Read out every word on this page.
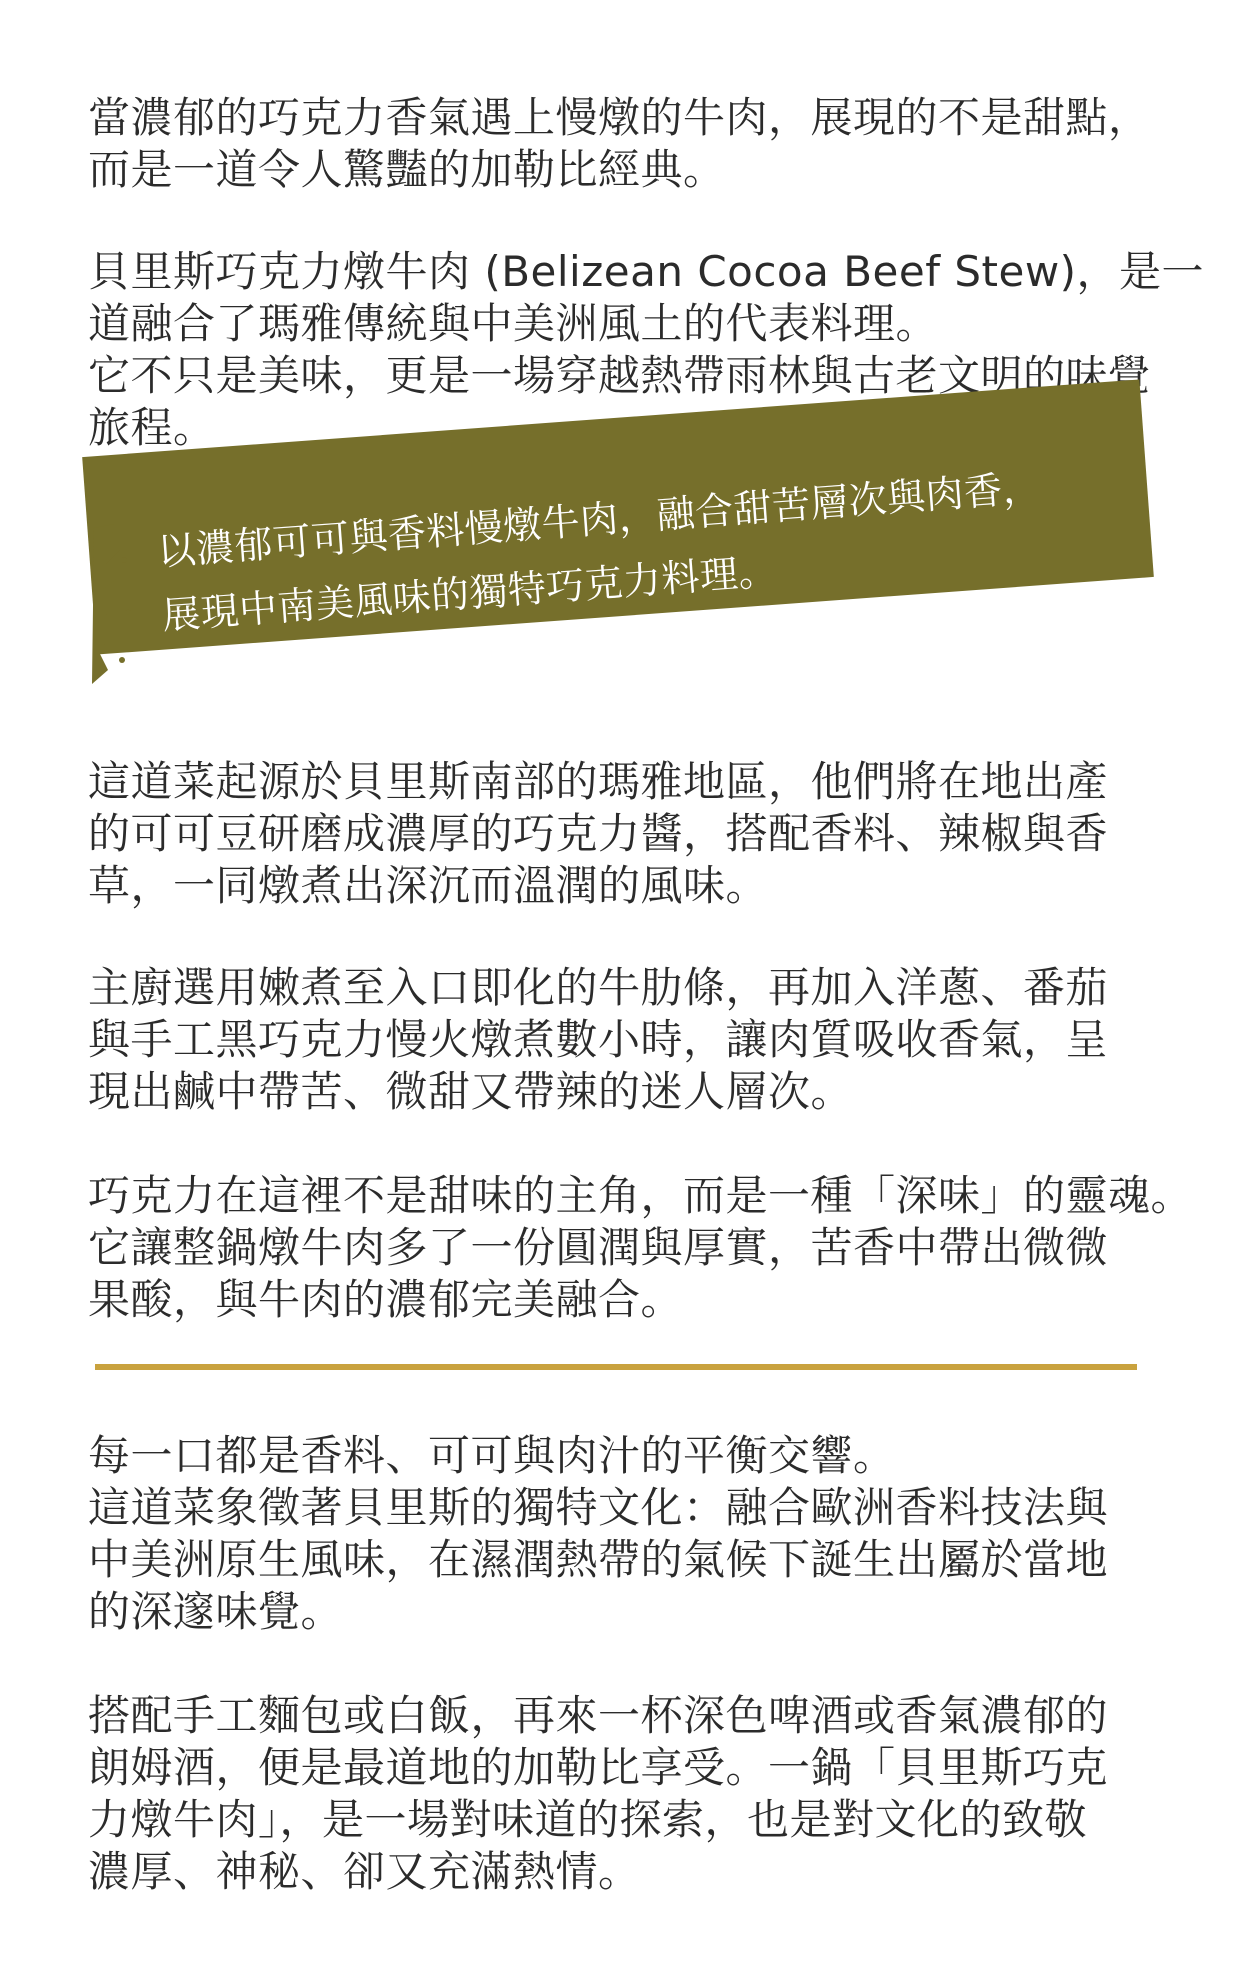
當濃郁的巧克力香氣遇上慢燉的牛肉，展現的不是甜點，
而是一道令人驚豔的加勒比經典。
貝里斯巧克力燉牛肉 (Belizean Cocoa Beef Stew)，是一
道融合了瑪雅傳統與中美洲風土的代表料理。
它不只是美味，更是一場穿越熱帶雨林與古老文明的味覺
旅程。
以濃郁可可與香料慢燉牛肉，融合甜苦層次與肉香，
展現中南美風味的獨特巧克力料理。
這道菜起源於貝里斯南部的瑪雅地區，他們將在地出產
的可可豆研磨成濃厚的巧克力醬，搭配香料、辣椒與香
草，一同燉煮出深沉而溫潤的風味。
主廚選用嫩煮至入口即化的牛肋條，再加入洋蔥、番茄
與手工黑巧克力慢火燉煮數小時，讓肉質吸收香氣，呈
現出鹹中帶苦、微甜又帶辣的迷人層次。
巧克力在這裡不是甜味的主角，而是一種「深味」的靈魂。
它讓整鍋燉牛肉多了一份圓潤與厚實，苦香中帶出微微
果酸，與牛肉的濃郁完美融合。
每一口都是香料、可可與肉汁的平衡交響。
這道菜象徵著貝里斯的獨特文化：融合歐洲香料技法與
中美洲原生風味，在濕潤熱帶的氣候下誕生出屬於當地
的深邃味覺。
搭配手工麵包或白飯，再來一杯深色啤酒或香氣濃郁的
朗姆酒，便是最道地的加勒比享受。一鍋「貝里斯巧克
力燉牛肉」，是一場對味道的探索，也是對文化的致敬
濃厚、神秘、卻又充滿熱情。
